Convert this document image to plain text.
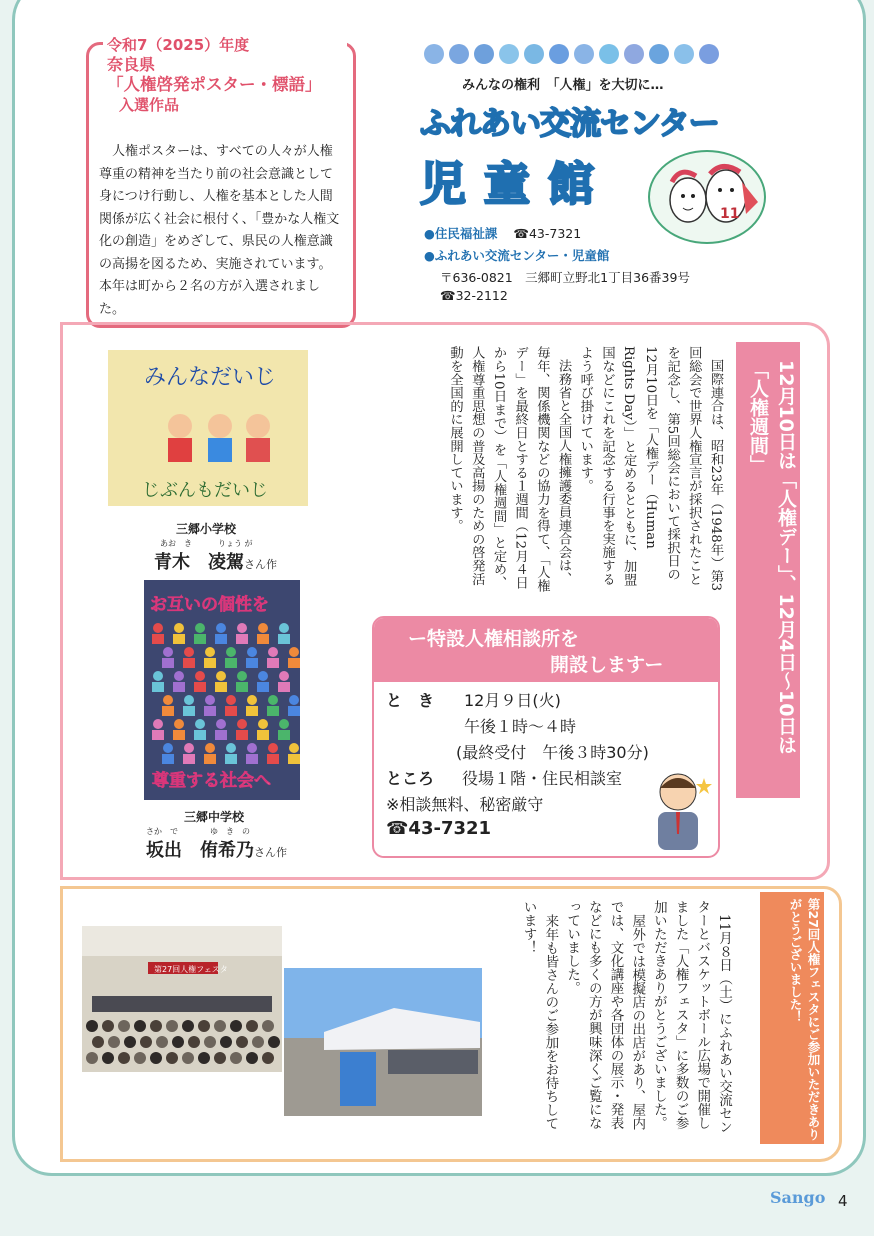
令和7（2025）年度
奈良県
「人権啓発ポスター・標語」
入選作品
人権ポスターは、すべての人々が人権尊重の精神を当たり前の社会意識として身につけ行動し、人権を基本とした人間関係が広く社会に根付く、「豊かな人権文化の創造」をめざして、県民の人権意識の高揚を図るため、実施されています。本年は町から２名の方が入選されました。
みんなの権利　「人権」を大切に…
ふれあい交流センター
児童館
11
●住民福祉課 ☎43-7321
●ふれあい交流センター・児童館
〒636-0821　三郷町立野北1丁目36番39号
☎32-2112
みんなだいじ
じぶんもだいじ
三郷小学校
あお　き	りょう が
青木　凌駕さん作
お互いの個性を
尊重する社会へ
三郷中学校
さか　で	ゆ　き　の
坂出　侑希乃さん作

国際連合は、昭和23年（1948年）第3回総会で世界人権宣言が採択されたことを記念し、第5回総会において採択日の12月10日を「人権デー（Human Rights Day）」と定めるとともに、加盟国などにこれを記念する行事を実施するよう呼び掛けています。

法務省と全国人権擁護委員連合会は、毎年、関係機関などの協力を得て、「人権デー」を最終日とする１週間（12月４日から10日まで）を「人権週間」と定め、人権尊重思想の普及高揚のための啓発活動を全国的に展開しています。	12月10日は「人権デー」、12月4日〜10日は「人権週間」
ー特設人権相談所を
開設しますー
と　き 12月９日(火)
午後１時〜４時
(最終受付　午後３時30分)
ところ 役場１階・住民相談室
※相談無料、秘密厳守
☎43-7321
第27回人権フェスタ	第27回人権フェスタにご参加いただきありがとうございました！

11月８日（土）にふれあい交流センターとバスケットボール広場で開催しました「人権フェスタ」に多数のご参加いただきありがとうございました。

屋外では模擬店の出店があり、屋内では、文化講座や各団体の展示・発表などにも多くの方が興味深くご覧になっていました。

来年も皆さんのご参加をお待ちしています！

Sango 4
